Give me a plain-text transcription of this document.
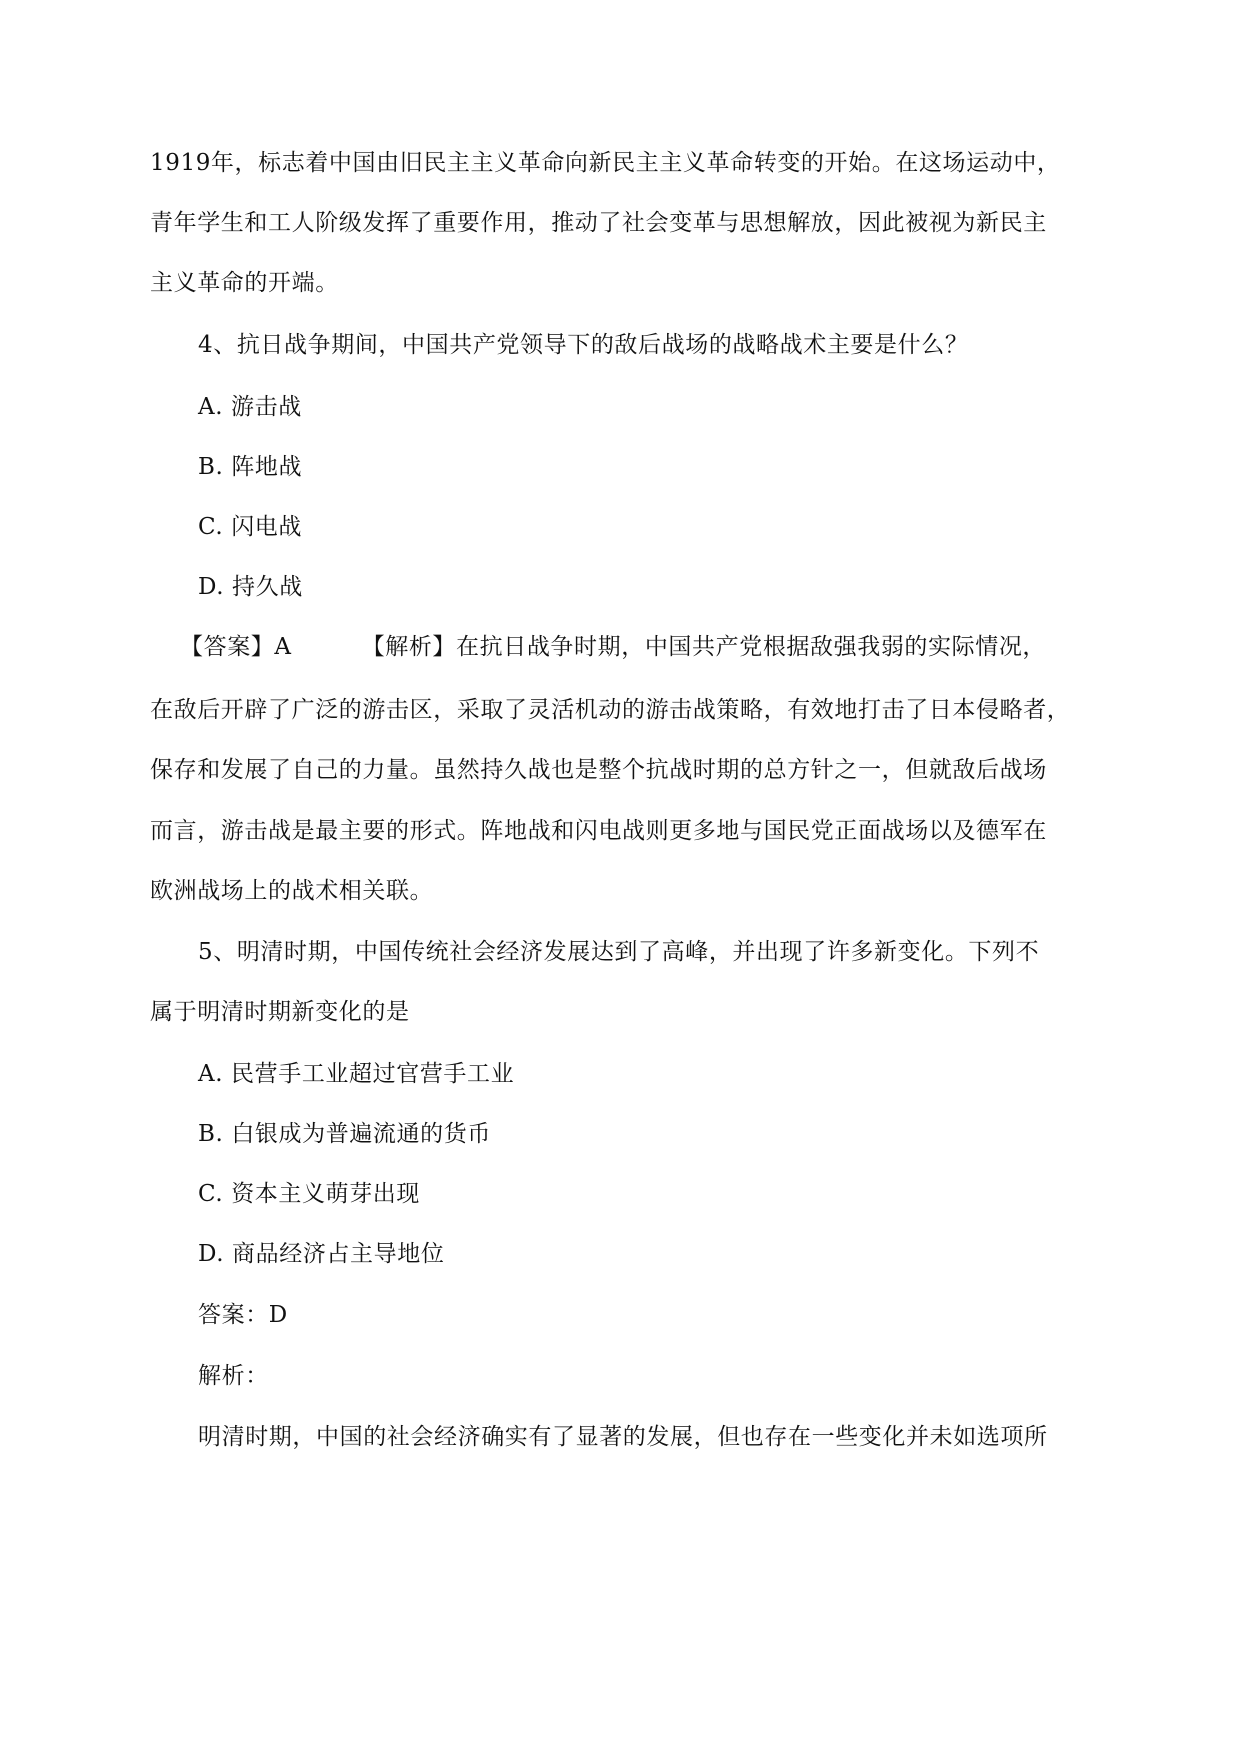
1919年，标志着中国由旧民主主义革命向新民主主义革命转变的开始。在这场运动中，
青年学生和工人阶级发挥了重要作用，推动了社会变革与思想解放，因此被视为新民主
主义革命的开端。
4、抗日战争期间，中国共产党领导下的敌后战场的战略战术主要是什么？
A. 游击战
B. 阵地战
C. 闪电战
D. 持久战
【答案】A	【解析】在抗日战争时期，中国共产党根据敌强我弱的实际情况，
在敌后开辟了广泛的游击区，采取了灵活机动的游击战策略，有效地打击了日本侵略者，
保存和发展了自己的力量。虽然持久战也是整个抗战时期的总方针之一，但就敌后战场
而言，游击战是最主要的形式。阵地战和闪电战则更多地与国民党正面战场以及德军在
欧洲战场上的战术相关联。
5、明清时期，中国传统社会经济发展达到了高峰，并出现了许多新变化。下列不
属于明清时期新变化的是
A. 民营手工业超过官营手工业
B. 白银成为普遍流通的货币
C. 资本主义萌芽出现
D. 商品经济占主导地位
答案：D
解析：
明清时期，中国的社会经济确实有了显著的发展，但也存在一些变化并未如选项所
